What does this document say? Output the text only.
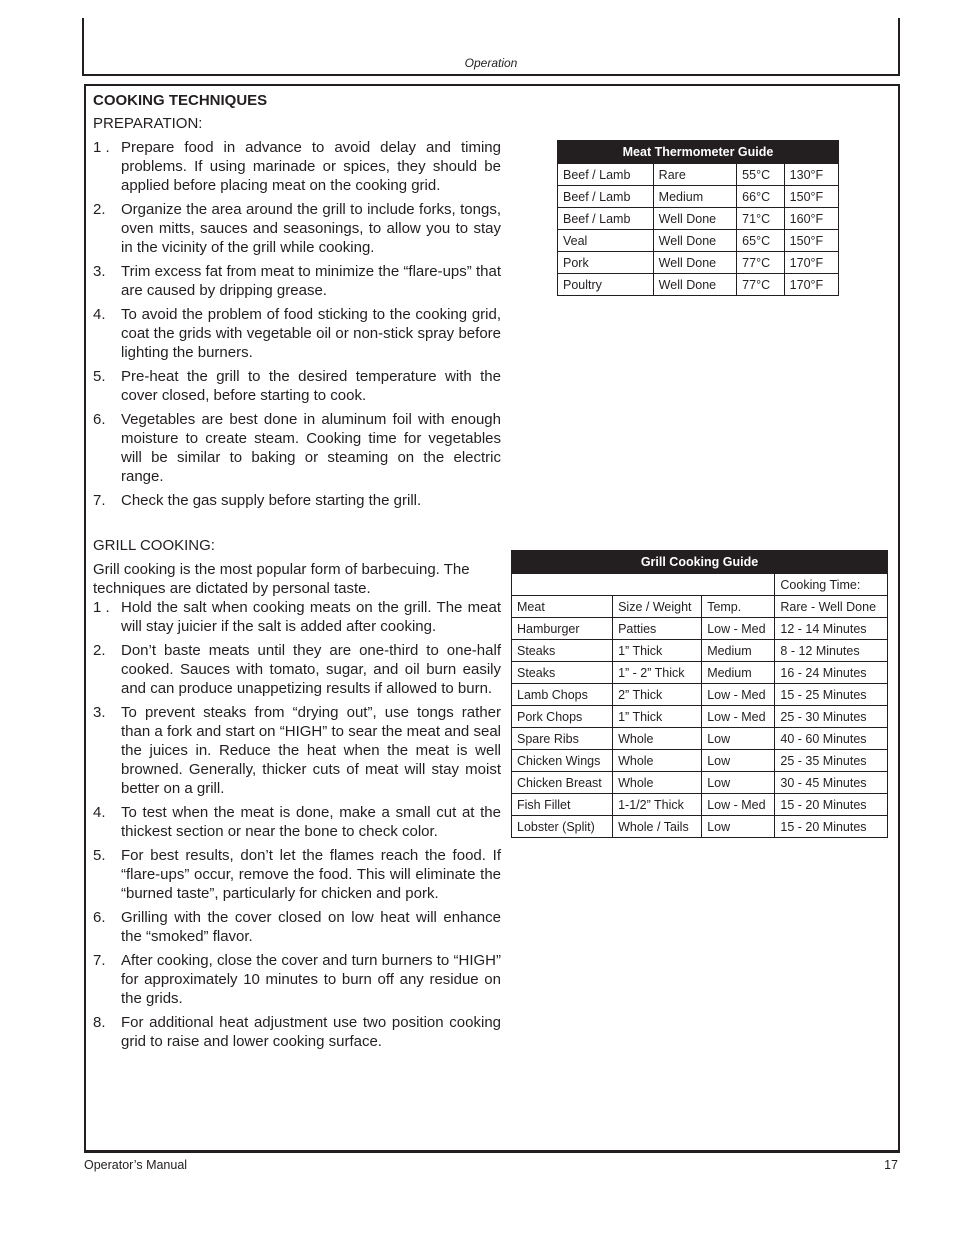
Operation
COOKING TECHNIQUES
PREPARATION:
1 . Prepare food in advance to avoid delay and timing problems. If using marinade or spices, they should be applied before placing meat on the cooking grid.
2. Organize the area around the grill to include forks, tongs, oven mitts, sauces and seasonings, to allow you to stay in the vicinity of the grill while cooking.
3. Trim excess fat from meat to minimize the “flare-ups” that are caused by dripping grease.
4. To avoid the problem of food sticking to the cooking grid, coat the grids with vegetable oil or non-stick spray before lighting the burners.
5. Pre-heat the grill to the desired temperature with the cover closed, before starting to cook.
6. Vegetables are best done in aluminum foil with enough moisture to create steam. Cooking time for vegetables will be similar to baking or steaming on the electric range.
7. Check the gas supply before starting the grill.
GRILL COOKING:
Grill cooking is the most popular form of barbecuing. The techniques are dictated by personal taste.
1 . Hold the salt when cooking meats on the grill. The meat will stay juicier if the salt is added after cooking.
2. Don’t baste meats until they are one-third to one-half cooked. Sauces with tomato, sugar, and oil burn easily and can produce unappetizing results if allowed to burn.
3. To prevent steaks from “drying out”, use tongs rather than a fork and start on “HIGH” to sear the meat and seal the juices in. Reduce the heat when the meat is well browned. Generally, thicker cuts of meat will stay moist better on a grill.
4. To test when the meat is done, make a small cut at the thickest section or near the bone to check color.
5. For best results, don’t let the flames reach the food. If “flare-ups” occur, remove the food. This will eliminate the “burned taste”, particularly for chicken and pork.
6. Grilling with the cover closed on low heat will enhance the “smoked” flavor.
7. After cooking, close the cover and turn burners to “HIGH” for approximately 10 minutes to burn off any residue on the grids.
8. For additional heat adjustment use two position cooking grid to raise and lower cooking surface.
Meat Thermometer Guide			
Beef / Lamb	Rare	55°C	130°F
Beef / Lamb	Medium	66°C	150°F
Beef / Lamb	Well Done	71°C	160°F
Veal	Well Done	65°C	150°F
Pork	Well Done	77°C	170°F
Poultry	Well Done	77°C	170°F
Grill Cooking Guide			
			Cooking Time:
Meat	Size / Weight	Temp.	Rare - Well Done
Hamburger	Patties	Low - Med	12 - 14 Minutes
Steaks	1” Thick	Medium	8 - 12 Minutes
Steaks	1” - 2” Thick	Medium	16 - 24 Minutes
Lamb Chops	2” Thick	Low - Med	15 - 25 Minutes
Pork Chops	1” Thick	Low - Med	25 - 30 Minutes
Spare Ribs	Whole	Low	40 - 60 Minutes
Chicken Wings	Whole	Low	25 - 35 Minutes
Chicken Breast	Whole	Low	30 - 45 Minutes
Fish Fillet	1-1/2” Thick	Low - Med	15 - 20 Minutes
Lobster (Split)	Whole / Tails	Low	15 - 20 Minutes
Operator’s Manual	17
